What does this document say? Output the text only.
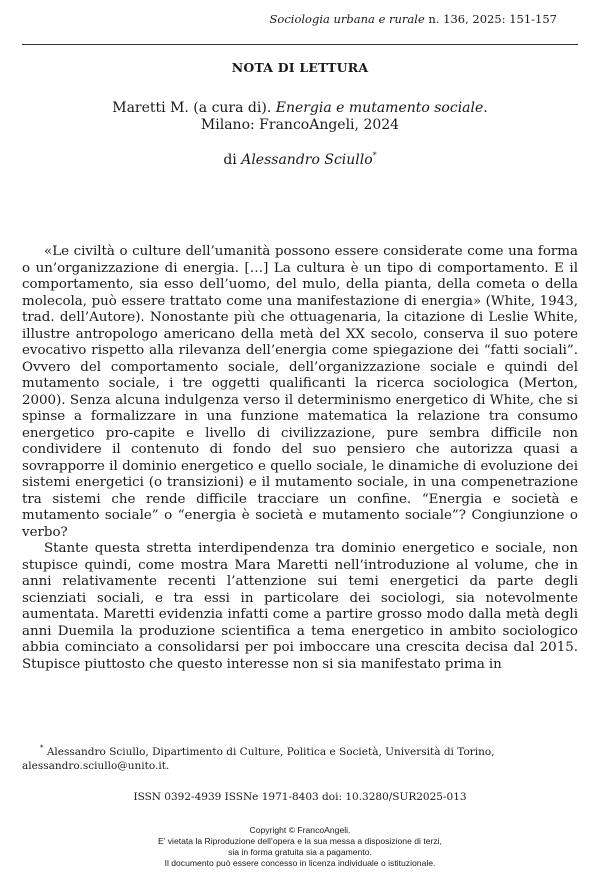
Sociologia urbana e rurale n. 136, 2025: 151-157
NOTA DI LETTURA
Maretti M. (a cura di). Energia e mutamento sociale.
Milano: FrancoAngeli, 2024
di Alessandro Sciullo*

«Le civiltà o culture dell’umanità possono essere considerate come una forma o un’organizzazione di energia. […] La cultura è un tipo di comportamento. E il comportamento, sia esso dell’uomo, del mulo, della pianta, della cometa o della molecola, può essere trattato come una manifestazione di energia» (White, 1943, trad. dell’Autore). Nonostante più che ottuagenaria, la citazione di Leslie White, illustre antropologo americano della metà del XX secolo, conserva il suo potere evocativo rispetto alla rilevanza dell’energia come spiegazione dei “fatti sociali”. Ovvero del comportamento sociale, dell’organizzazione sociale e quindi del mutamento sociale, i tre oggetti qualificanti la ricerca sociologica (Merton, 2000). Senza alcuna indulgenza verso il determinismo energetico di White, che si spinse a formalizzare in una funzione matematica la relazione tra consumo energetico pro-capite e livello di civilizzazione, pure sembra difficile non condividere il contenuto di fondo del suo pensiero che autorizza quasi a sovrapporre il dominio energetico e quello sociale, le dinamiche di evoluzione dei sistemi energetici (o transizioni) e il mutamento sociale, in una compenetrazione tra sistemi che rende difficile tracciare un confine. “Energia e società e mutamento sociale” o “energia è società e mutamento sociale”? Congiunzione o verbo?

Stante questa stretta interdipendenza tra dominio energetico e sociale, non stupisce quindi, come mostra Mara Maretti nell’introduzione al volume, che in anni relativamente recenti l’attenzione sui temi energetici da parte degli scienziati sociali, e tra essi in particolare dei sociologi, sia notevolmente aumentata. Maretti evidenzia infatti come a partire grosso modo dalla metà degli anni Duemila la produzione scientifica a tema energetico in ambito sociologico abbia cominciato a consolidarsi per poi imboccare una crescita decisa dal 2015. Stupisce piuttosto che questo interesse non si sia manifestato prima in

* Alessandro Sciullo, Dipartimento di Culture, Politica e Società, Università di Torino, alessandro.sciullo@unito.it.
ISSN 0392-4939 ISSNe 1971-8403 doi: 10.3280/SUR2025-013
Copyright © FrancoAngeli.
E’ vietata la Riproduzione dell’opera e la sua messa a disposizione di terzi,
sia in forma gratuita sia a pagamento.
Il documento può essere concesso in licenza individuale o istituzionale.
